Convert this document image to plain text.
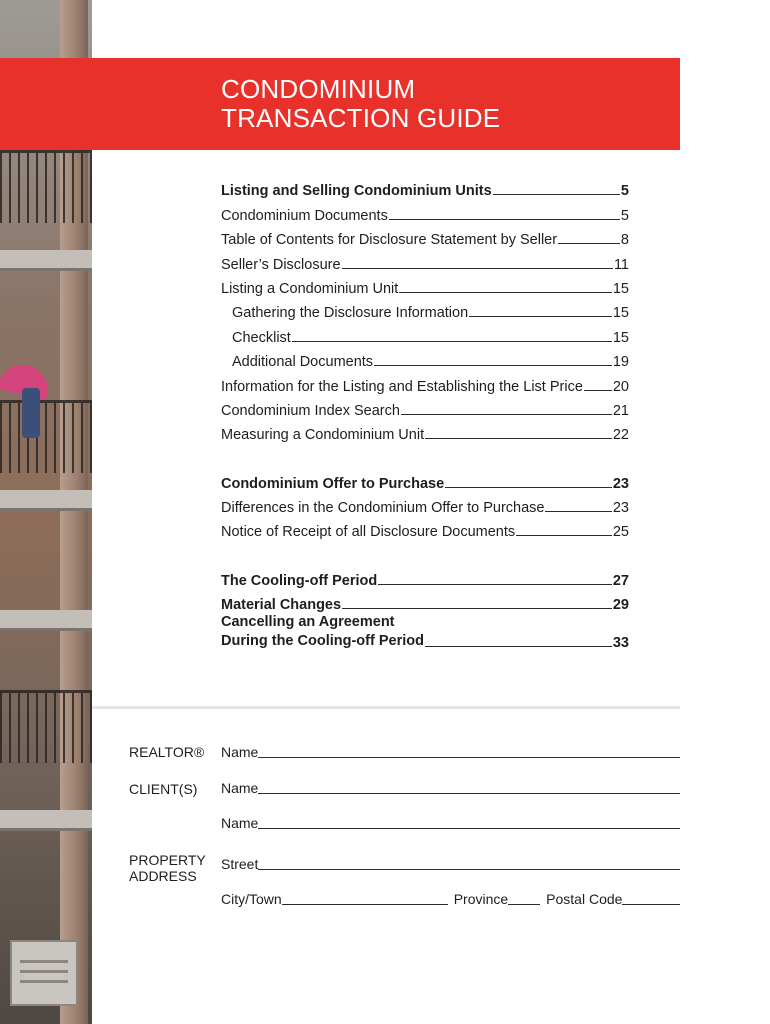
CONDOMINIUM
TRANSACTION GUIDE
Listing and Selling Condominium Units	5
Condominium Documents	5
Table of Contents for Disclosure Statement by Seller	8
Seller’s Disclosure	11
Listing a Condominium Unit	15
Gathering the Disclosure Information	15
Checklist	15
Additional Documents	19
Information for the Listing and Establishing the List Price 20
Condominium Index Search	21
Measuring a Condominium Unit	22
Condominium Offer to Purchase	23
Differences in the Condominium Offer to Purchase	23
Notice of Receipt of all Disclosure Documents	25
The Cooling-off Period	27
Material Changes	29
Cancelling an Agreement
During the Cooling-off Period	33
REALTOR® Name
CLIENT(S) Name
Name
PROPERTY
ADDRESS
Street
City/Town	Province	Postal Code
